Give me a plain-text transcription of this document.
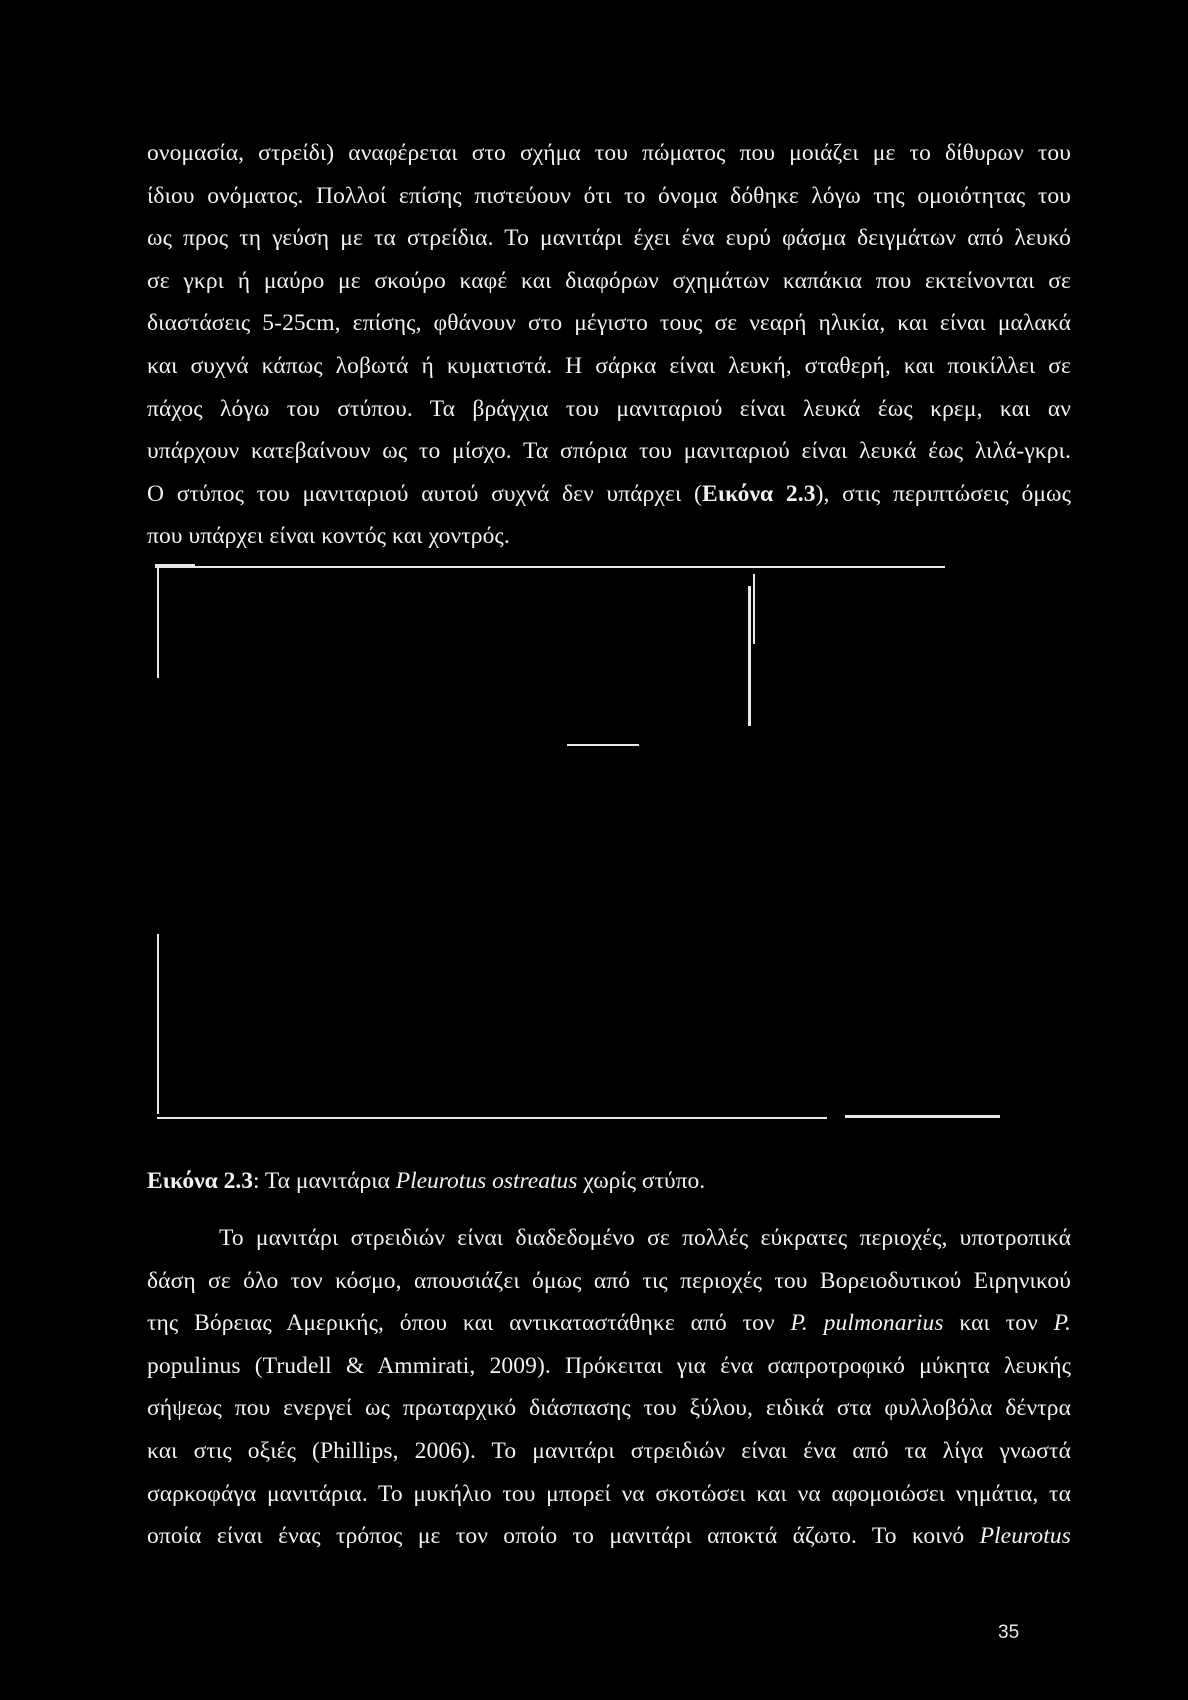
ονομασία, στρείδι) αναφέρεται στο σχήμα του πώματος που μοιάζει με το δίθυρων του
ίδιου ονόματος. Πολλοί επίσης πιστεύουν ότι το όνομα δόθηκε λόγω της ομοιότητας του
ως προς τη γεύση με τα στρείδια. Το μανιτάρι έχει ένα ευρύ φάσμα δειγμάτων από λευκό
σε γκρι ή μαύρο με σκούρο καφέ και διαφόρων σχημάτων καπάκια που εκτείνονται σε
διαστάσεις 5-25cm, επίσης, φθάνουν στο μέγιστο τους σε νεαρή ηλικία, και είναι μαλακά
και συχνά κάπως λοβωτά ή κυματιστά. Η σάρκα είναι λευκή, σταθερή, και ποικίλλει σε
πάχος λόγω του στύπου. Τα βράγχια του μανιταριού είναι λευκά έως κρεμ, και αν
υπάρχουν κατεβαίνουν ως το μίσχο. Τα σπόρια του μανιταριού είναι λευκά έως λιλά-γκρι.
Ο στύπος του μανιταριού αυτού συχνά δεν υπάρχει (Εικόνα 2.3), στις περιπτώσεις όμως
που υπάρχει είναι κοντός και χοντρός.
Εικόνα 2.3: Τα μανιτάρια Pleurotus ostreatus χωρίς στύπο.
Το μανιτάρι στρειδιών είναι διαδεδομένο σε πολλές εύκρατες περιοχές, υποτροπικά
δάση σε όλο τον κόσμο, απουσιάζει όμως από τις περιοχές του Βορειοδυτικού Ειρηνικού
της Βόρειας Αμερικής, όπου και αντικαταστάθηκε από τον P. pulmonarius και τον P.
populinus (Trudell & Ammirati, 2009). Πρόκειται για ένα σαπροτροφικό μύκητα λευκής
σήψεως που ενεργεί ως πρωταρχικό διάσπασης του ξύλου, ειδικά στα φυλλοβόλα δέντρα
και στις οξιές (Phillips, 2006). Το μανιτάρι στρειδιών είναι ένα από τα λίγα γνωστά
σαρκοφάγα μανιτάρια. Το μυκήλιο του μπορεί να σκοτώσει και να αφομοιώσει νημάτια, τα
οποία είναι ένας τρόπος με τον οποίο το μανιτάρι αποκτά άζωτο. Το κοινό Pleurotus
35
